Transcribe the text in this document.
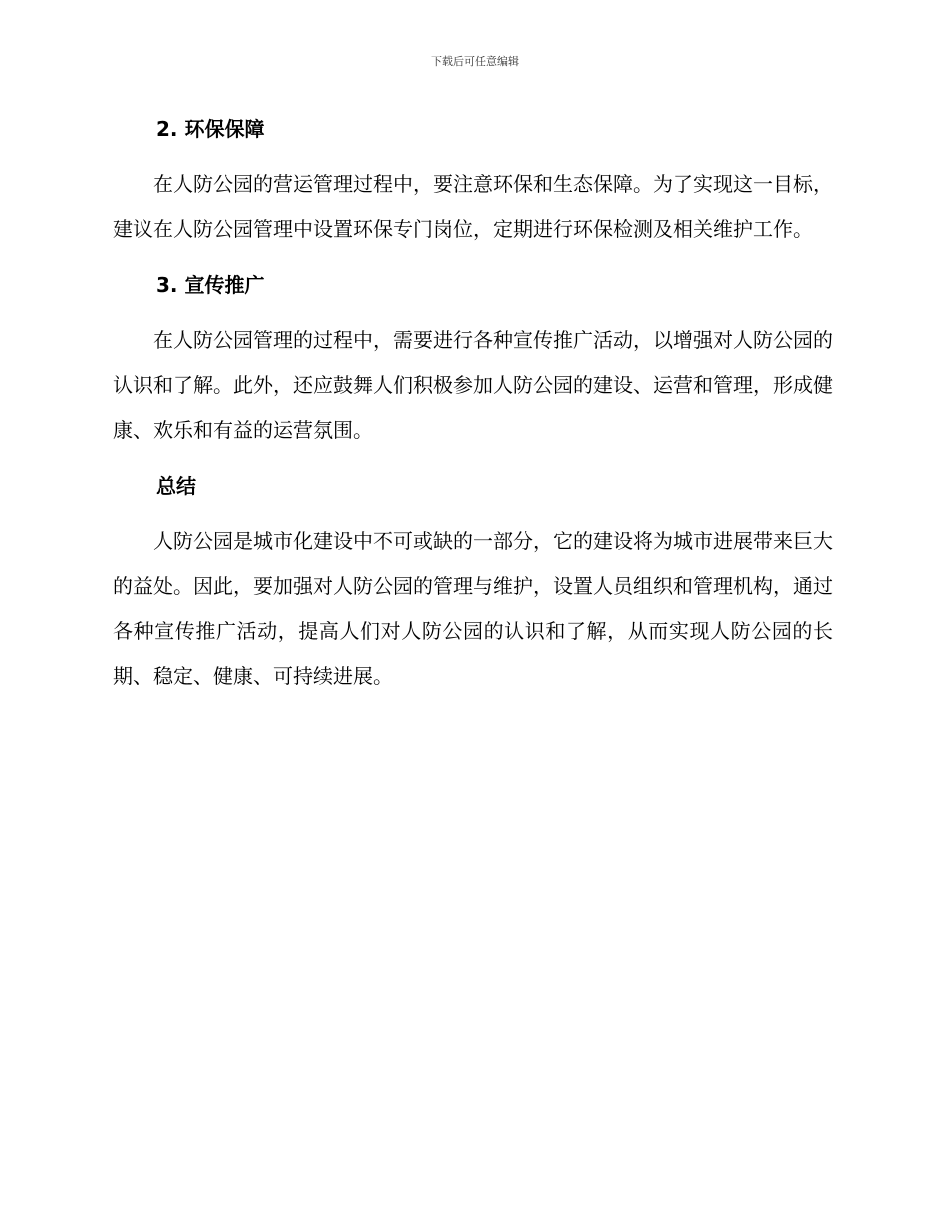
下载后可任意编辑
2. 环保保障

在人防公园的营运管理过程中，要注意环保和生态保障。为了实现这一目标，建议在人防公园管理中设置环保专门岗位，定期进行环保检测及相关维护工作。

3. 宣传推广

在人防公园管理的过程中，需要进行各种宣传推广活动，以增强对人防公园的认识和了解。此外，还应鼓舞人们积极参加人防公园的建设、运营和管理，形成健康、欢乐和有益的运营氛围。

总结

人防公园是城市化建设中不可或缺的一部分，它的建设将为城市进展带来巨大的益处。因此，要加强对人防公园的管理与维护，设置人员组织和管理机构，通过各种宣传推广活动，提高人们对人防公园的认识和了解，从而实现人防公园的长期、稳定、健康、可持续进展。
